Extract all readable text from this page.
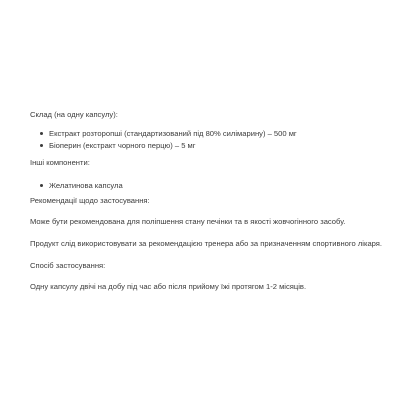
Склад (на одну капсулу):
Екстракт розторопші (стандартизований під 80% силімарину) – 500 мг
Біоперин (екстракт чорного перцю) – 5 мг
Інші компоненти:
Желатинова капсула
Рекомендації щодо застосування:
Може бути рекомендована для поліпшення стану печінки та в якості жовчогінного засобу.
Продукт слід використовувати за рекомендацією тренера або за призначенням спортивного лікаря.
Спосіб застосування:
Одну капсулу двічі на добу під час або після прийому їжі протягом 1-2 місяців.
